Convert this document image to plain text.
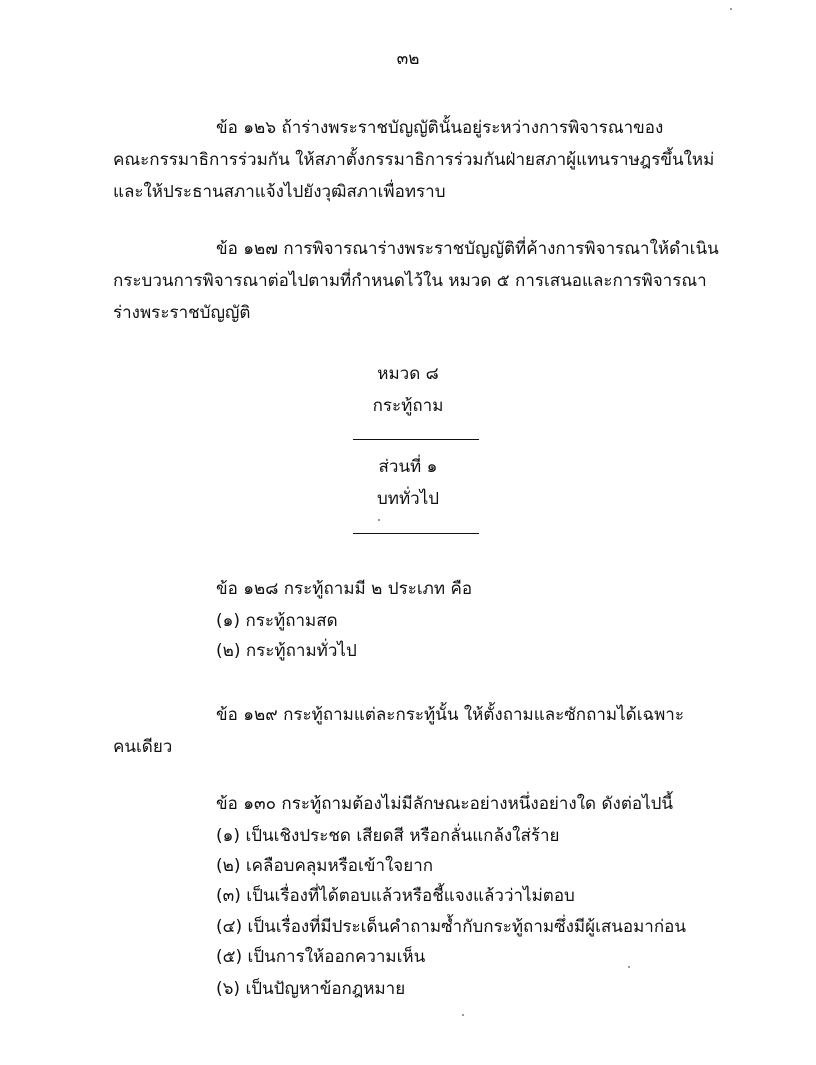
๓๒
ข้อ ๑๒๖ ถ้าร่างพระราชบัญญัตินั้นอยู่ระหว่างการพิจารณาของ
คณะกรรมาธิการร่วมกัน ให้สภาตั้งกรรมาธิการร่วมกันฝ่ายสภาผู้แทนราษฎรขึ้นใหม่
และให้ประธานสภาแจ้งไปยังวุฒิสภาเพื่อทราบ
ข้อ ๑๒๗ การพิจารณาร่างพระราชบัญญัติที่ค้างการพิจารณาให้ดำเนิน
กระบวนการพิจารณาต่อไปตามที่กำหนดไว้ใน หมวด ๕ การเสนอและการพิจารณา
ร่างพระราชบัญญัติ
หมวด ๘
กระทู้ถาม
ส่วนที่ ๑
บททั่วไป
ข้อ ๑๒๘ กระทู้ถามมี ๒ ประเภท คือ
(๑) กระทู้ถามสด
(๒) กระทู้ถามทั่วไป
ข้อ ๑๒๙ กระทู้ถามแต่ละกระทู้นั้น ให้ตั้งถามและซักถามได้เฉพาะ
คนเดียว
ข้อ ๑๓๐ กระทู้ถามต้องไม่มีลักษณะอย่างหนึ่งอย่างใด ดังต่อไปนี้
(๑) เป็นเชิงประชด เสียดสี หรือกลั่นแกล้งใส่ร้าย
(๒) เคลือบคลุมหรือเข้าใจยาก
(๓) เป็นเรื่องที่ได้ตอบแล้วหรือชี้แจงแล้วว่าไม่ตอบ
(๔) เป็นเรื่องที่มีประเด็นคำถามซ้ำกับกระทู้ถามซึ่งมีผู้เสนอมาก่อน
(๕) เป็นการให้ออกความเห็น
(๖) เป็นปัญหาข้อกฎหมาย
